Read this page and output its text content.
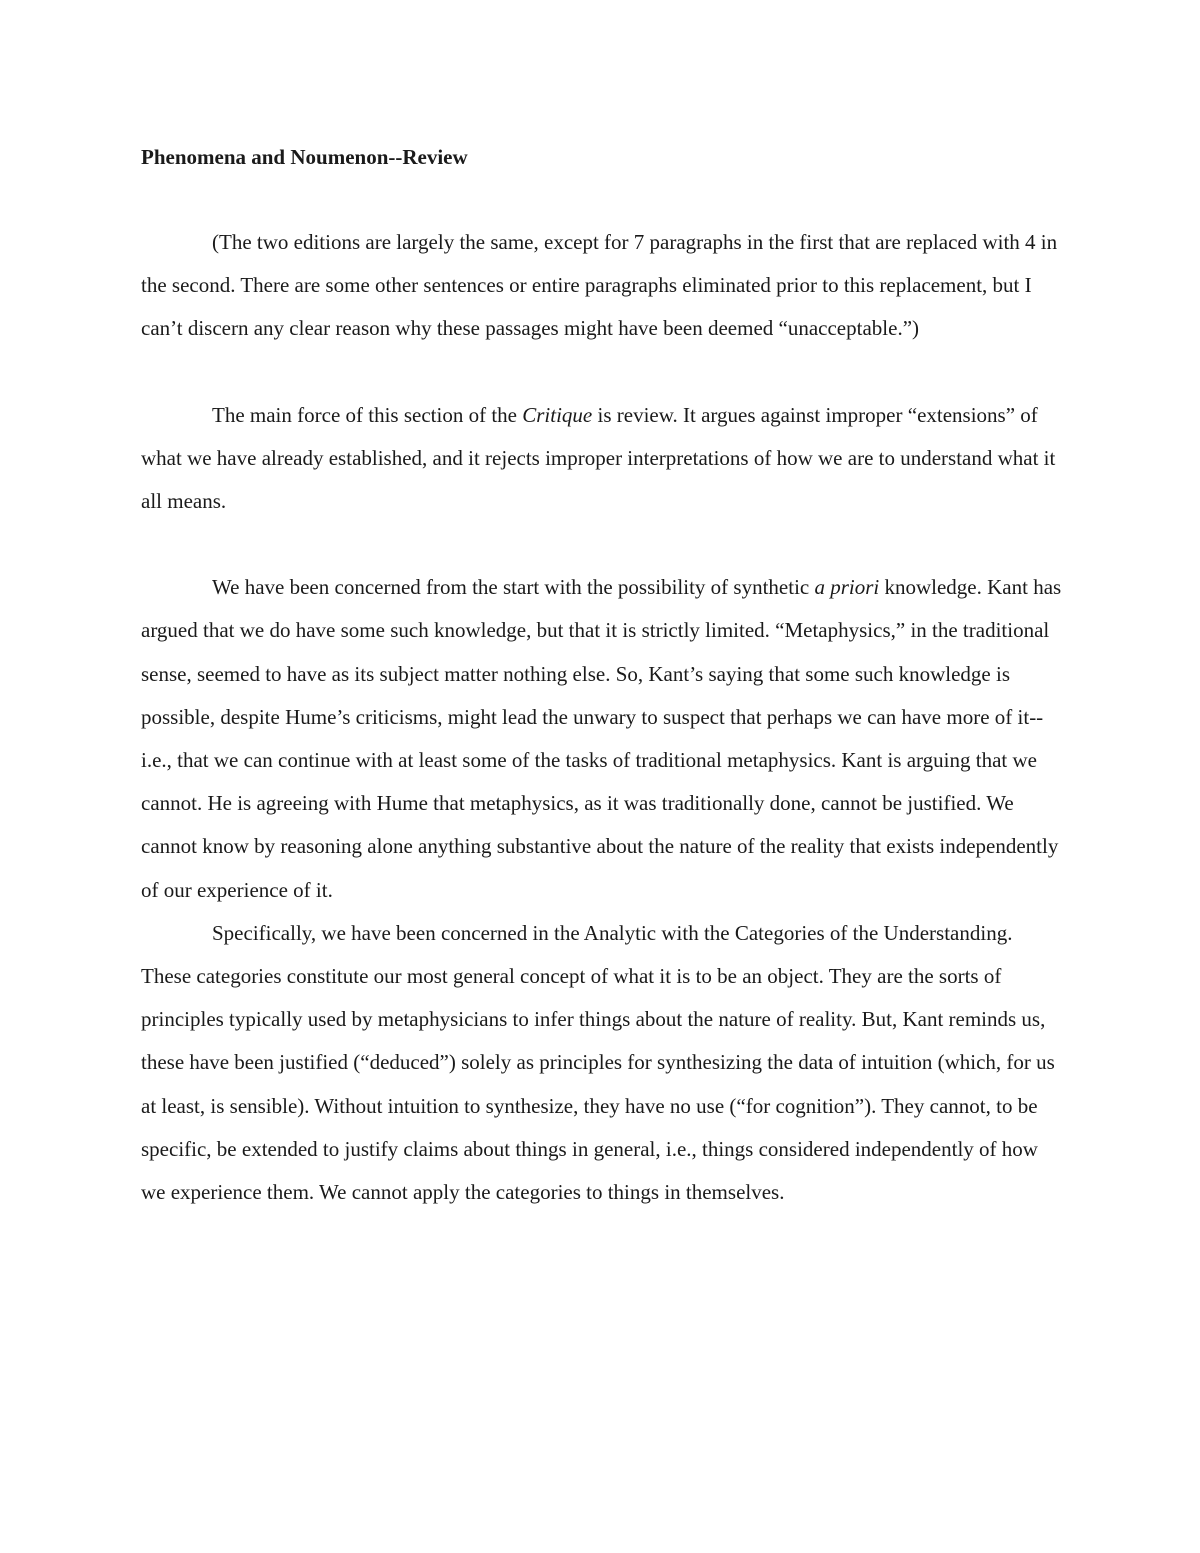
Phenomena and Noumenon--Review

(The two editions are largely the same, except for 7 paragraphs in the first that are replaced with 4 in the second. There are some other sentences or entire paragraphs eliminated prior to this replacement, but I can’t discern any clear reason why these passages might have been deemed “unacceptable.”)

The main force of this section of the Critique is review. It argues against improper “extensions” of what we have already established, and it rejects improper interpretations of how we are to understand what it all means.

We have been concerned from the start with the possibility of synthetic a priori knowledge. Kant has argued that we do have some such knowledge, but that it is strictly limited. “Metaphysics,” in the traditional sense, seemed to have as its subject matter nothing else. So, Kant’s saying that some such knowledge is possible, despite Hume’s criticisms, might lead the unwary to suspect that perhaps we can have more of it--i.e., that we can continue with at least some of the tasks of traditional metaphysics. Kant is arguing that we cannot. He is agreeing with Hume that metaphysics, as it was traditionally done, cannot be justified. We cannot know by reasoning alone anything substantive about the nature of the reality that exists independently of our experience of it.

Specifically, we have been concerned in the Analytic with the Categories of the Understanding. These categories constitute our most general concept of what it is to be an object. They are the sorts of principles typically used by metaphysicians to infer things about the nature of reality. But, Kant reminds us, these have been justified (“deduced”) solely as principles for synthesizing the data of intuition (which, for us at least, is sensible). Without intuition to synthesize, they have no use (“for cognition”). They cannot, to be specific, be extended to justify claims about things in general, i.e., things considered independently of how we experience them. We cannot apply the categories to things in themselves.
